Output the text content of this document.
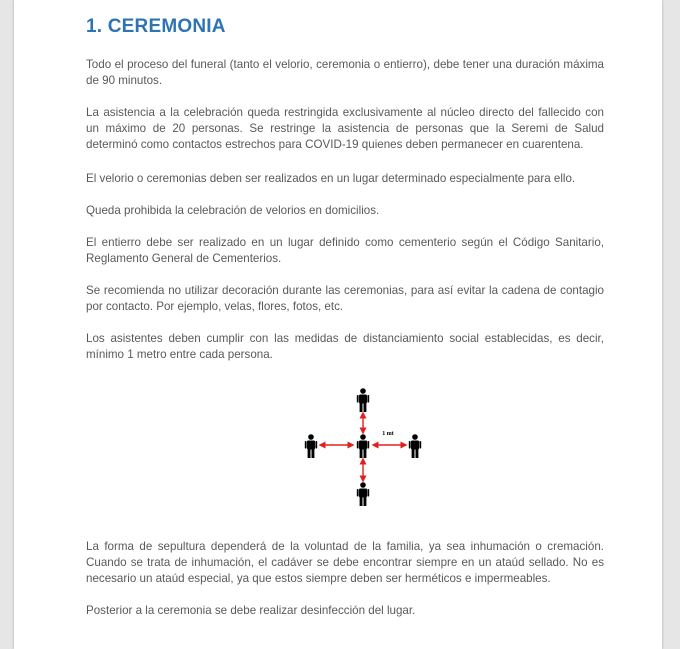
1. CEREMONIA
Todo el proceso del funeral (tanto el velorio, ceremonia o entierro), debe tener una duración máxima de 90 minutos.
La asistencia a la celebración queda restringida exclusivamente al núcleo directo del fallecido con un máximo de 20 personas. Se restringe la asistencia de personas que la Seremi de Salud determinó como contactos estrechos para COVID-19 quienes deben permanecer en cuarentena.
El velorio o ceremonias deben ser realizados en un lugar determinado especialmente para ello.
Queda prohibida la celebración de velorios en domicilios.
El entierro debe ser realizado en un lugar definido como cementerio según el Código Sanitario, Reglamento General de Cementerios.
Se recomienda no utilizar decoración durante las ceremonias, para así evitar la cadena de contagio por contacto. Por ejemplo, velas, flores, fotos, etc.
Los asistentes deben cumplir con las medidas de distanciamiento social establecidas, es decir, mínimo 1 metro entre cada persona.
1 mt
La forma de sepultura dependerá de la voluntad de la familia, ya sea inhumación o cremación. Cuando se trata de inhumación, el cadáver se debe encontrar siempre en un ataúd sellado. No es necesario un ataúd especial, ya que estos siempre deben ser herméticos e impermeables.
Posterior a la ceremonia se debe realizar desinfección del lugar.
